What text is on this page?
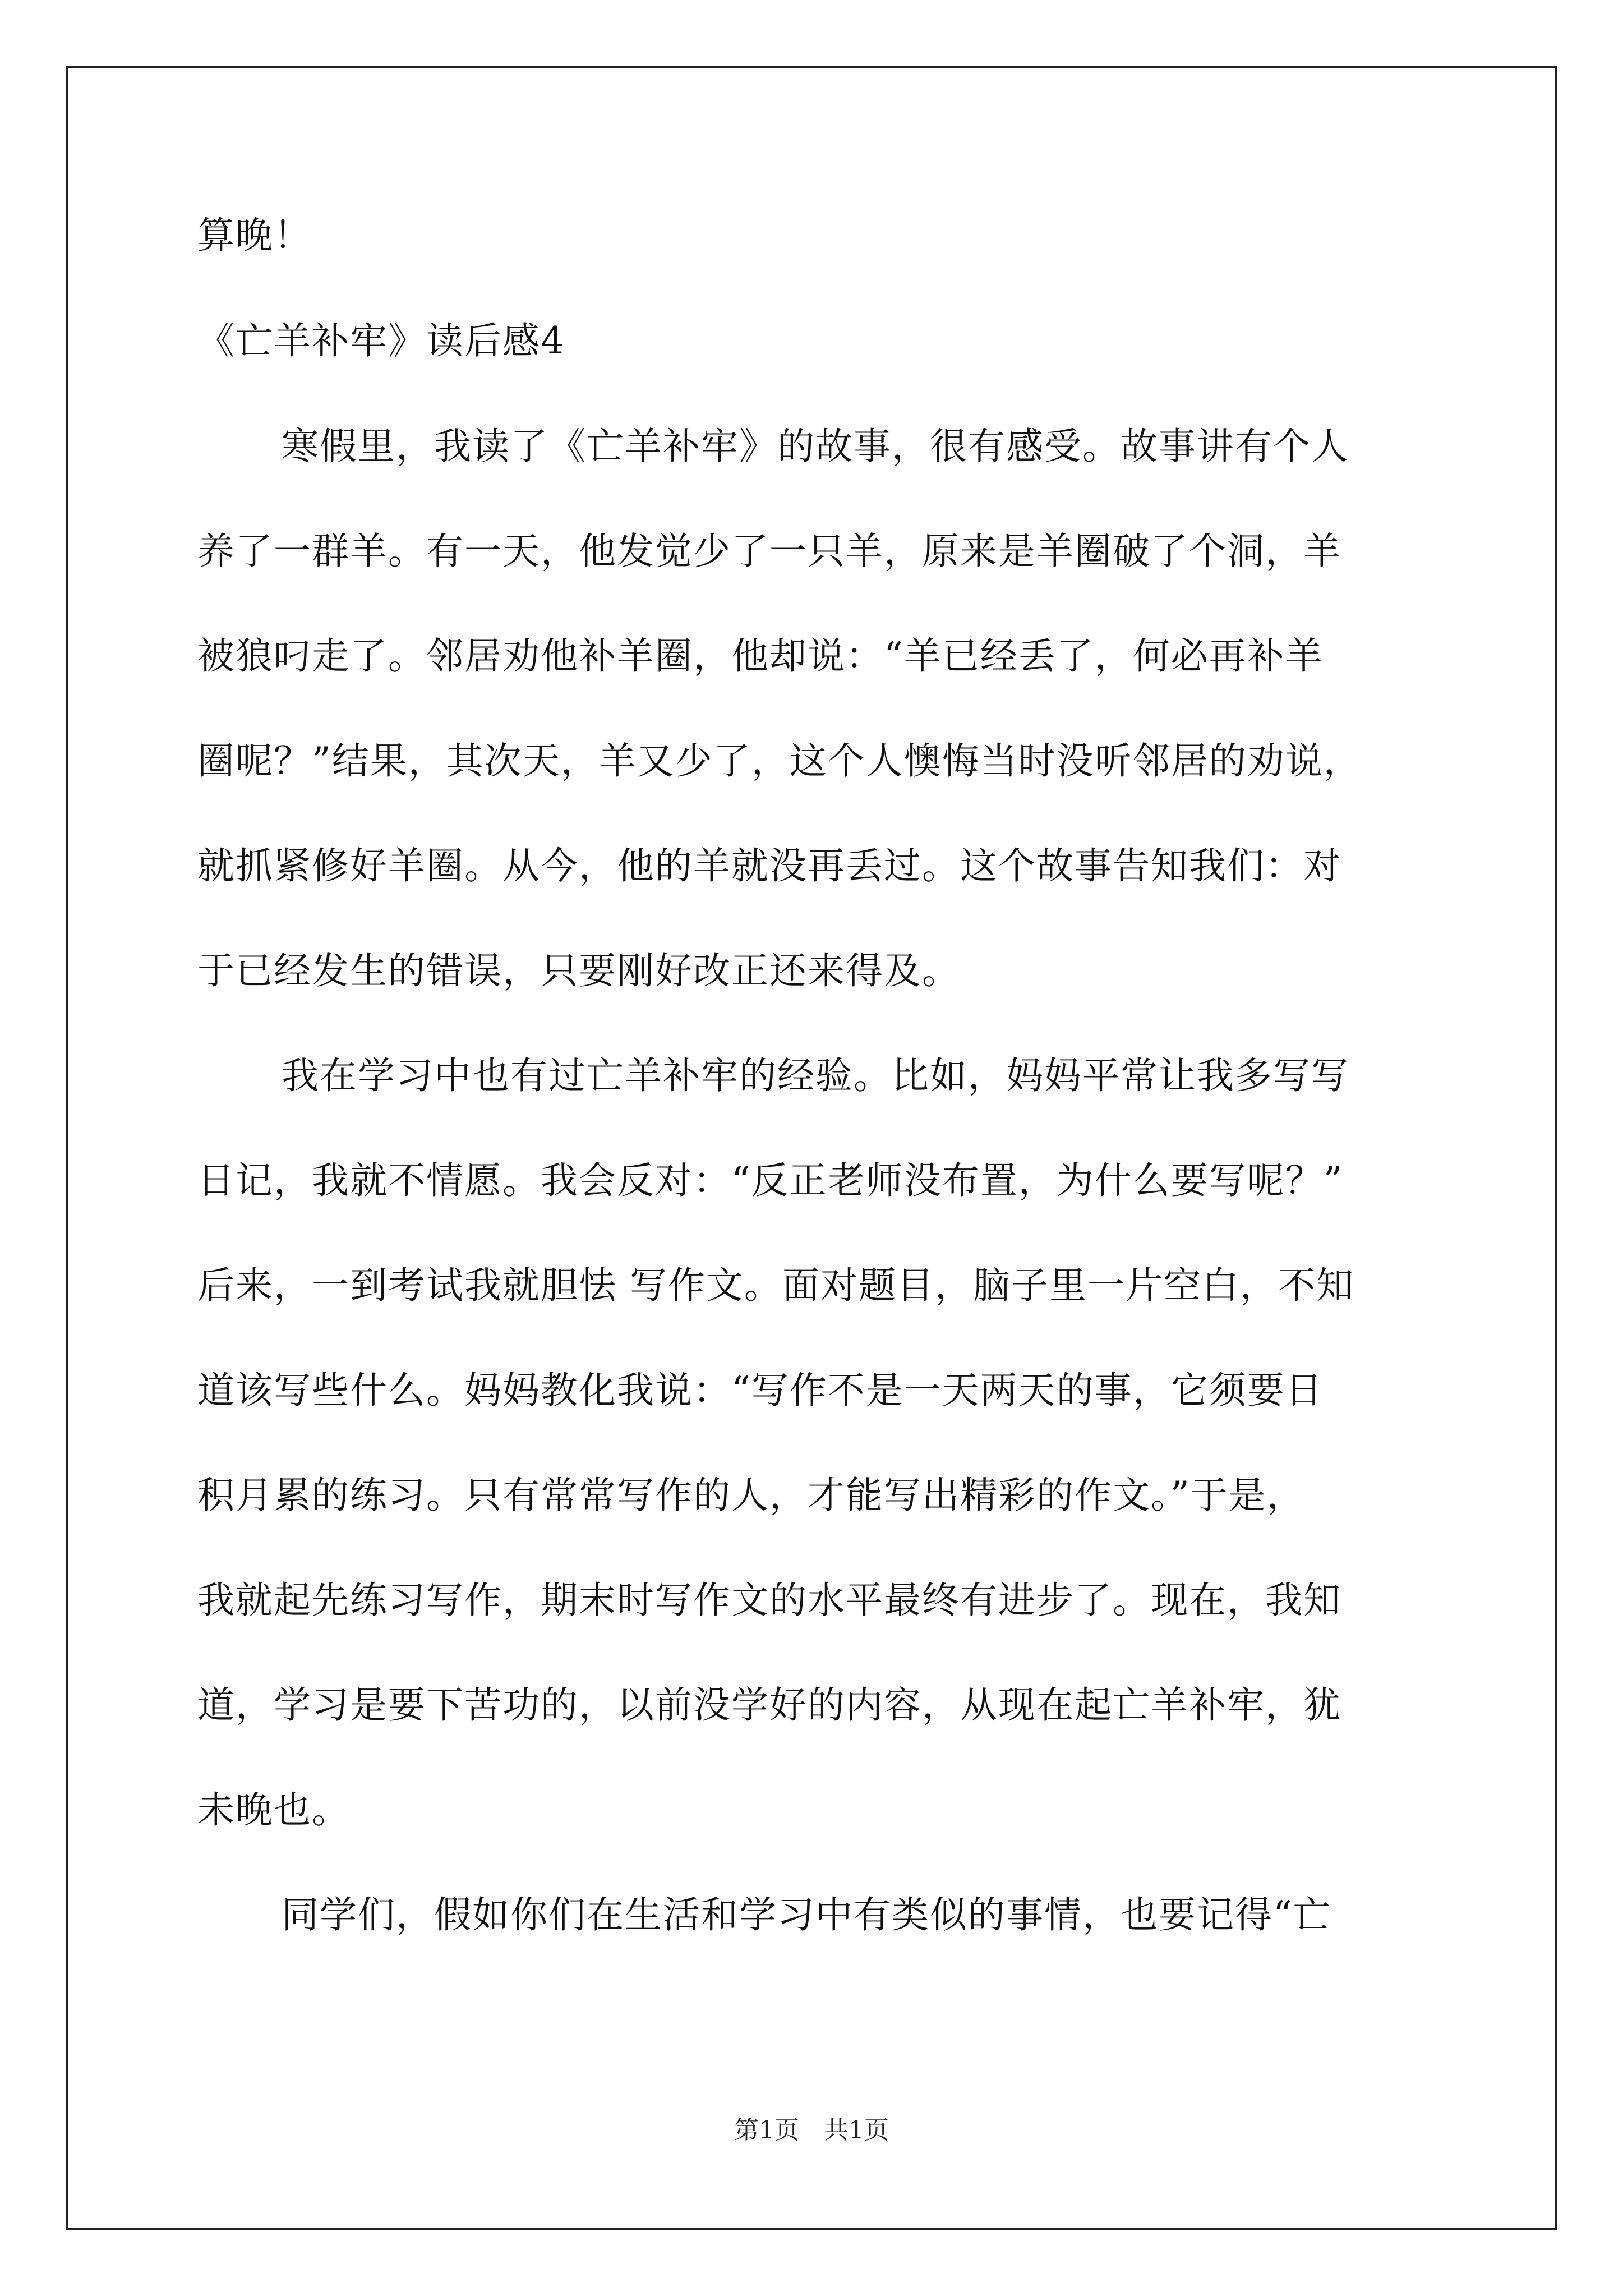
算晚！
《亡羊补牢》读后感4

寒假里，我读了《亡羊补牢》的故事，很有感受。故事讲有个人

养了一群羊。有一天，他发觉少了一只羊，原来是羊圈破了个洞，羊

被狼叼走了。邻居劝他补羊圈，他却说：“羊已经丢了，何必再补羊

圈呢？”结果，其次天，羊又少了，这个人懊悔当时没听邻居的劝说，

就抓紧修好羊圈。从今，他的羊就没再丢过。这个故事告知我们：对

于已经发生的错误，只要刚好改正还来得及。

我在学习中也有过亡羊补牢的经验。比如，妈妈平常让我多写写

日记，我就不情愿。我会反对：“反正老师没布置，为什么要写呢？”

后来，一到考试我就胆怯 写作文。面对题目，脑子里一片空白，不知

道该写些什么。妈妈教化我说：“写作不是一天两天的事，它须要日

积月累的练习。只有常常写作的人，才能写出精彩的作文。”于是，

我就起先练习写作，期末时写作文的水平最终有进步了。现在，我知

道，学习是要下苦功的，以前没学好的内容，从现在起亡羊补牢，犹

未晚也。

同学们，假如你们在生活和学习中有类似的事情，也要记得“亡

第1页　共1页
